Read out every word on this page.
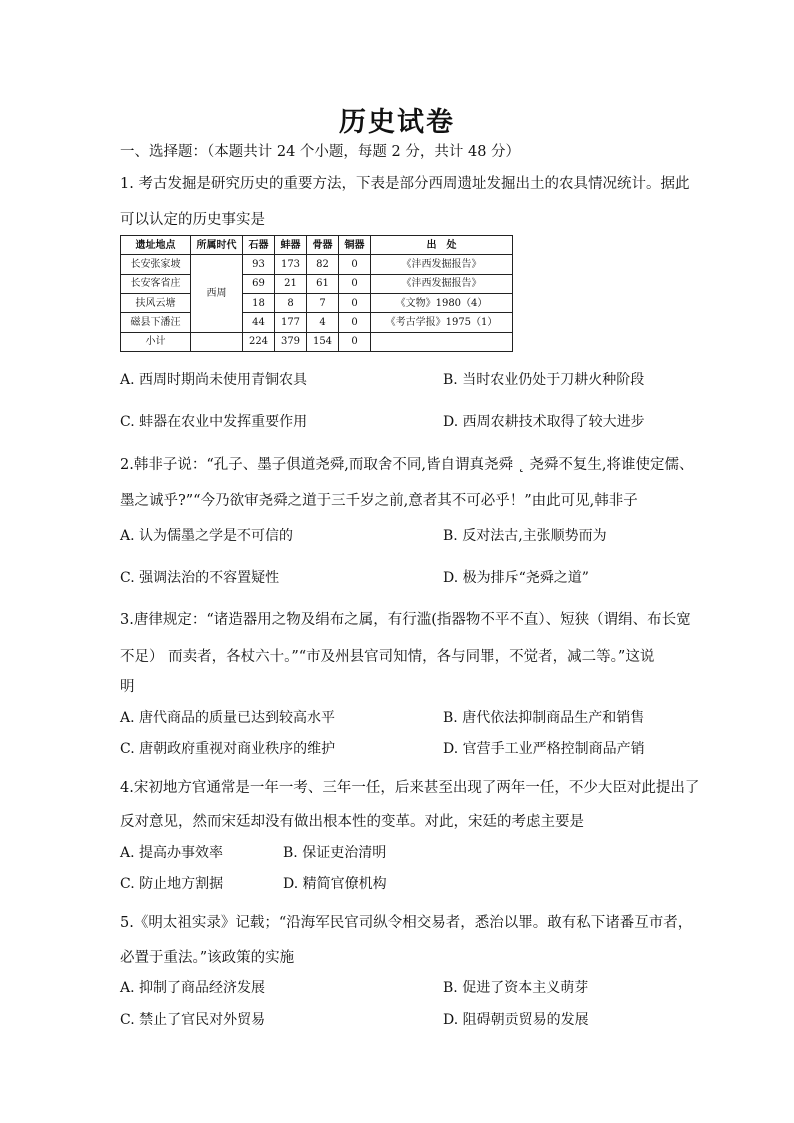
历史试卷
一、选择题：（本题共计 24 个小题，每题 2 分，共计 48 分）
1. 考古发掘是研究历史的重要方法，下表是部分西周遗址发掘出土的农具情况统计。据此
可以认定的历史事实是
遗址地点	所属时代	石器	蚌器	骨器	铜器	出　处
长安张家坡	西周	93	173	82	0	《沣西发掘报告》
长安客省庄		69	21	61	0	《沣西发掘报告》
扶风云塘		18	8	7	0	《文物》1980（4）
磁县下潘汪		44	177	4	0	《考古学报》1975（1）
小计		224	379	154	0	
A. 西周时期尚未使用青铜农具	B. 当时农业仍处于刀耕火种阶段
C. 蚌器在农业中发挥重要作用	D. 西周农耕技术取得了较大进步
2.韩非子说：“孔子、墨子俱道尧舜,而取舍不同,皆自谓真尧舜 ˛ 尧舜不复生,将谁使定儒、
墨之诚乎?”“今乃欲审尧舜之道于三千岁之前,意者其不可必乎！”由此可见,韩非子
A. 认为儒墨之学是不可信的	B. 反对法古,主张顺势而为
C. 强调法治的不容置疑性	D. 极为排斥“尧舜之道”
3.唐律规定：“诸造器用之物及绢布之属，有行滥(指器物不平不直）、短狭（谓绢、布长宽
不足） 而卖者，各杖六十。”“市及州县官司知情，各与同罪，不觉者，减二等。”这说
明
A. 唐代商品的质量已达到较高水平	B. 唐代依法抑制商品生产和销售
C. 唐朝政府重视对商业秩序的维护	D. 官营手工业严格控制商品产销
4.宋初地方官通常是一年一考、三年一任，后来甚至出现了两年一任，不少大臣对此提出了
反对意见，然而宋廷却没有做出根本性的变革。对此，宋廷的考虑主要是
A. 提高办事效率	B. 保证吏治清明
C. 防止地方割据	D. 精简官僚机构
5.《明太祖实录》记载；“沿海军民官司纵令相交易者，悉治以罪。敢有私下诸番互市者，
必置于重法。”该政策的实施
A. 抑制了商品经济发展	B. 促进了资本主义萌芽
C. 禁止了官民对外贸易	D. 阻碍朝贡贸易的发展
